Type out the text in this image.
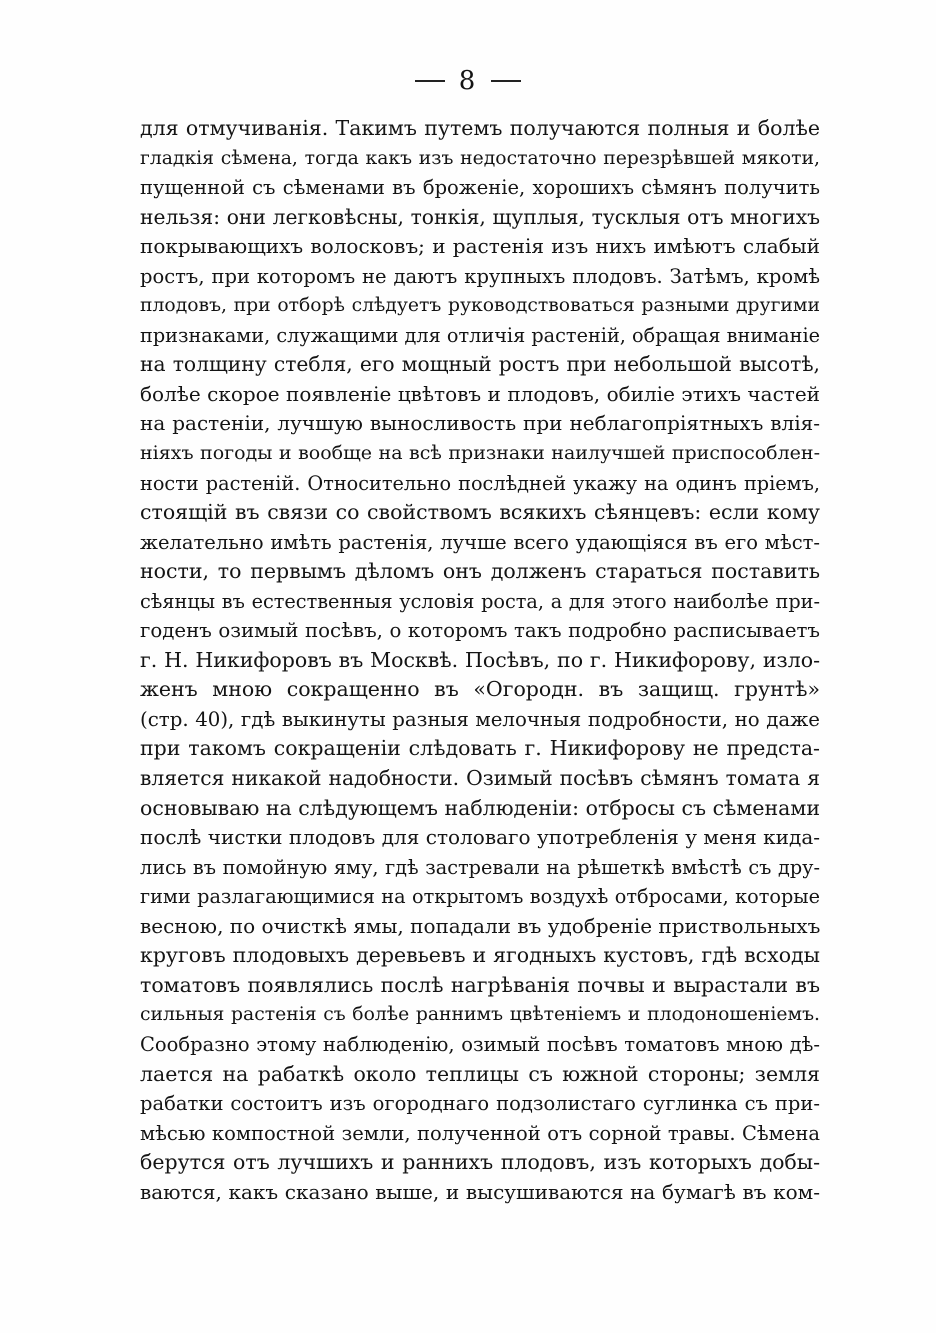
8
для отмучиванія. Такимъ путемъ получаются полныя и болѣе
гладкія сѣмена, тогда какъ изъ недостаточно перезрѣвшей мякоти,
пущенной съ сѣменами въ броженіе, хорошихъ сѣмянъ получить
нельзя: они легковѣсны, тонкія, щуплыя, тусклыя отъ многихъ
покрывающихъ волосковъ; и растенія изъ нихъ имѣютъ слабый
ростъ, при которомъ не даютъ крупныхъ плодовъ. Затѣмъ, кромѣ
плодовъ, при отборѣ слѣдуетъ руководствоваться разными другими
признаками, служащими для отличія растеній, обращая вниманіе
на толщину стебля, его мощный ростъ при небольшой высотѣ,
болѣе скорое появленіе цвѣтовъ и плодовъ, обиліе этихъ частей
на растеніи, лучшую выносливость при неблагопріятныхъ влія-
ніяхъ погоды и вообще на всѣ признаки наилучшей приспособлен-
ности растеній. Относительно послѣдней укажу на одинъ пріемъ,
стоящій въ связи со свойствомъ всякихъ сѣянцевъ: если кому
желательно имѣть растенія, лучше всего удающіяся въ его мѣст-
ности, то первымъ дѣломъ онъ долженъ стараться поставить
сѣянцы въ естественныя условія роста, а для этого наиболѣе при-
годенъ озимый посѣвъ, о которомъ такъ подробно расписываетъ
г. Н. Никифоровъ въ Москвѣ. Посѣвъ, по г. Никифорову, изло-
женъ мною сокращенно въ «Огородн. въ защищ. грунтѣ»
(стр. 40), гдѣ выкинуты разныя мелочныя подробности, но даже
при такомъ сокращеніи слѣдовать г. Никифорову не предста-
вляется никакой надобности. Озимый посѣвъ сѣмянъ томата я
основываю на слѣдующемъ наблюденіи: отбросы съ сѣменами
послѣ чистки плодовъ для столоваго употребленія у меня кида-
лись въ помойную яму, гдѣ застревали на рѣшеткѣ вмѣстѣ съ дру-
гими разлагающимися на открытомъ воздухѣ отбросами, которые
весною, по очисткѣ ямы, попадали въ удобреніе приствольныхъ
круговъ плодовыхъ деревьевъ и ягодныхъ кустовъ, гдѣ всходы
томатовъ появлялись послѣ нагрѣванія почвы и вырастали въ
сильныя растенія съ болѣе раннимъ цвѣтеніемъ и плодоношеніемъ.
Сообразно этому наблюденію, озимый посѣвъ томатовъ мною дѣ-
лается на рабаткѣ около теплицы съ южной стороны; земля
рабатки состоитъ изъ огороднаго подзолистаго суглинка съ при-
мѣсью компостной земли, полученной отъ сорной травы. Сѣмена
берутся отъ лучшихъ и раннихъ плодовъ, изъ которыхъ добы-
ваются, какъ сказано выше, и высушиваются на бумагѣ въ ком-
